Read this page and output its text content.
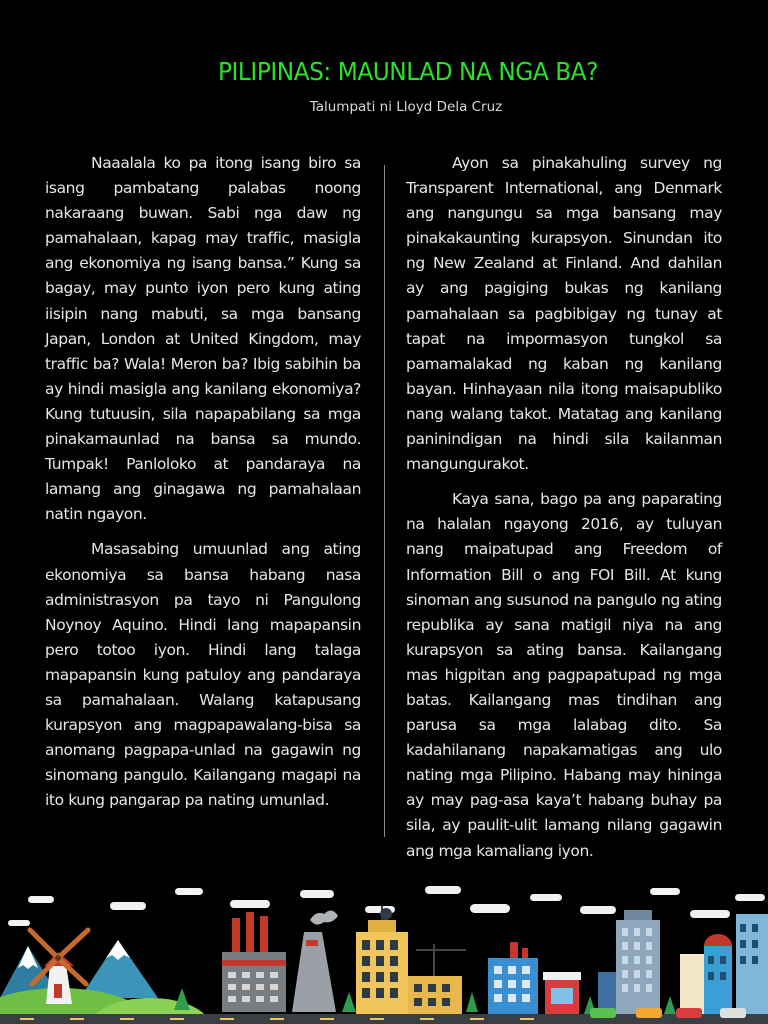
PILIPINAS: MAUNLAD NA NGA BA?
Talumpati ni Lloyd Dela Cruz

Naaalala ko pa itong isang biro sa isang pambatang palabas noong nakaraang buwan. Sabi nga daw ng pamahalaan, kapag may traffic, masigla ang ekonomiya ng isang bansa.” Kung sa bagay, may punto iyon pero kung ating iisipin nang mabuti, sa mga bansang Japan, London at United Kingdom, may traffic ba? Wala! Meron ba? Ibig sabihin ba ay hindi masigla ang kanilang ekonomiya? Kung tutuusin, sila napapabilang sa mga pinakamaunlad na bansa sa mundo. Tumpak! Panloloko at pandaraya na lamang ang ginagawa ng pamahalaan natin ngayon.

Masasabing umuunlad ang ating ekonomiya sa bansa habang nasa administrasyon pa tayo ni Pangulong Noynoy Aquino. Hindi lang mapapansin pero totoo iyon. Hindi lang talaga mapapansin kung patuloy ang pandaraya sa pamahalaan. Walang katapusang kurapsyon ang magpapawalang-bisa sa anomang pagpapa-unlad na gagawin ng sinomang pangulo. Kailangang magapi na ito kung pangarap pa nating umunlad.

Ayon sa pinakahuling survey ng Transparent International, ang Denmark ang nangungu sa mga bansang may pinakakaunting kurapsyon. Sinundan ito ng New Zealand at Finland. And dahilan ay ang pagiging bukas ng kanilang pamahalaan sa pagbibigay ng tunay at tapat na impormasyon tungkol sa pamamalakad ng kaban ng kanilang bayan. Hinhayaan nila itong maisapubliko nang walang takot. Matatag ang kanilang paninindigan na hindi sila kailanman mangungurakot.

Kaya sana, bago pa ang paparating na halalan ngayong 2016, ay tuluyan nang maipatupad ang Freedom of Information Bill o ang FOI Bill. At kung sinoman ang susunod na pangulo ng ating republika ay sana matigil niya na ang kurapsyon sa ating bansa. Kailangang mas higpitan ang pagpapatupad ng mga batas. Kailangang mas tindihan ang parusa sa mga lalabag dito. Sa kadahilanang napakamatigas ang ulo nating mga Pilipino. Habang may hininga ay may pag-asa kaya’t habang buhay pa sila, ay paulit-ulit lamang nilang gagawin ang mga kamaliang iyon.
